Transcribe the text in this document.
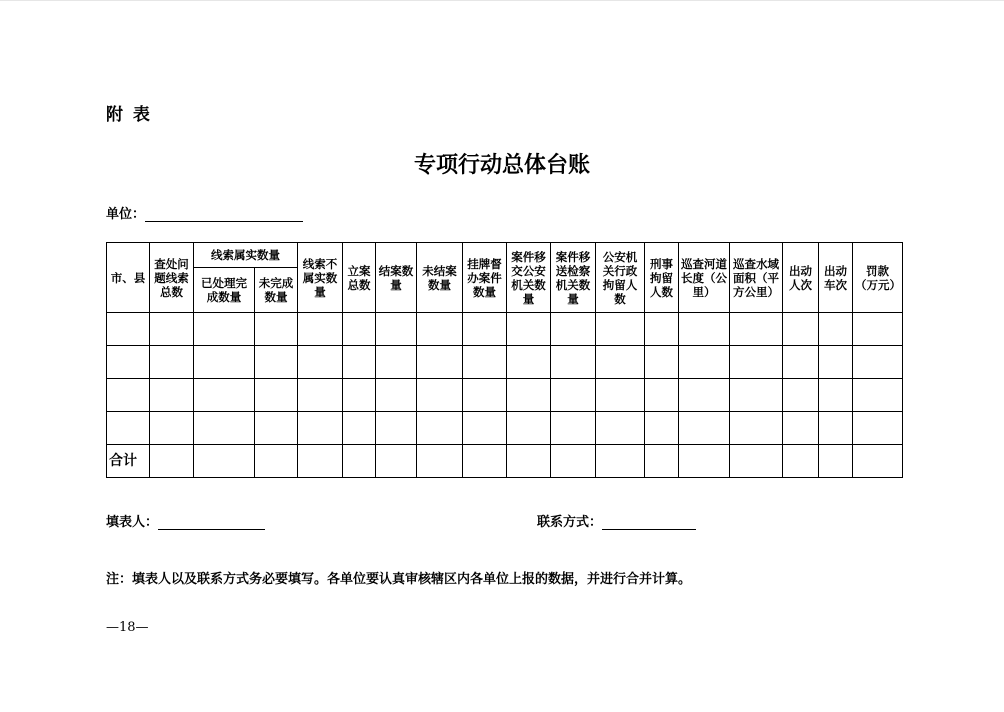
附 表
专项行动总体台账
单位：
市、县	查处问题线索总数	线索属实数量		线索不属实数量	立案总数	结案数量	未结案数量	挂牌督办案件数量	案件移交公安机关数量	案件移送检察机关数量	公安机关行政拘留人数	刑事拘留人数	巡查河道长度（公里）	巡查水域面积（平方公里）	出动人次	出动车次	罚款（万元）
		已处理完成数量	未完成数量														

合计																	
填表人：	联系方式：
注：填表人以及联系方式务必要填写。各单位要认真审核辖区内各单位上报的数据，并进行合并计算。
—18—
